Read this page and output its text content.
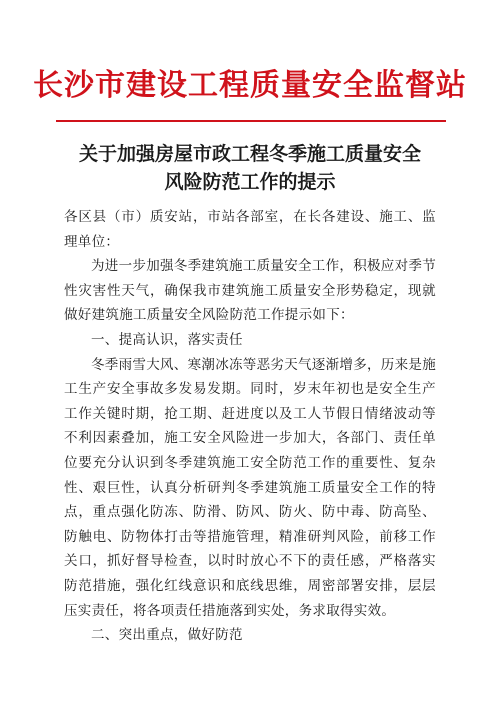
长沙市建设工程质量安全监督站
关于加强房屋市政工程冬季施工质量安全
风险防范工作的提示

各区县（市）质安站，市站各部室，在长各建设、施工、监理单位：

为进一步加强冬季建筑施工质量安全工作，积极应对季节性灾害性天气，确保我市建筑施工质量安全形势稳定，现就做好建筑施工质量安全风险防范工作提示如下：

一、提高认识，落实责任

冬季雨雪大风、寒潮冰冻等恶劣天气逐渐增多，历来是施工生产安全事故多发易发期。同时，岁末年初也是安全生产工作关键时期，抢工期、赶进度以及工人节假日情绪波动等不利因素叠加，施工安全风险进一步加大，各部门、责任单位要充分认识到冬季建筑施工安全防范工作的重要性、复杂性、艰巨性，认真分析研判冬季建筑施工质量安全工作的特点，重点强化防冻、防滑、防风、防火、防中毒、防高坠、防触电、防物体打击等措施管理，精准研判风险，前移工作关口，抓好督导检查，以时时放心不下的责任感，严格落实防范措施，强化红线意识和底线思维，周密部署安排，层层压实责任，将各项责任措施落到实处，务求取得实效。

二、突出重点，做好防范
